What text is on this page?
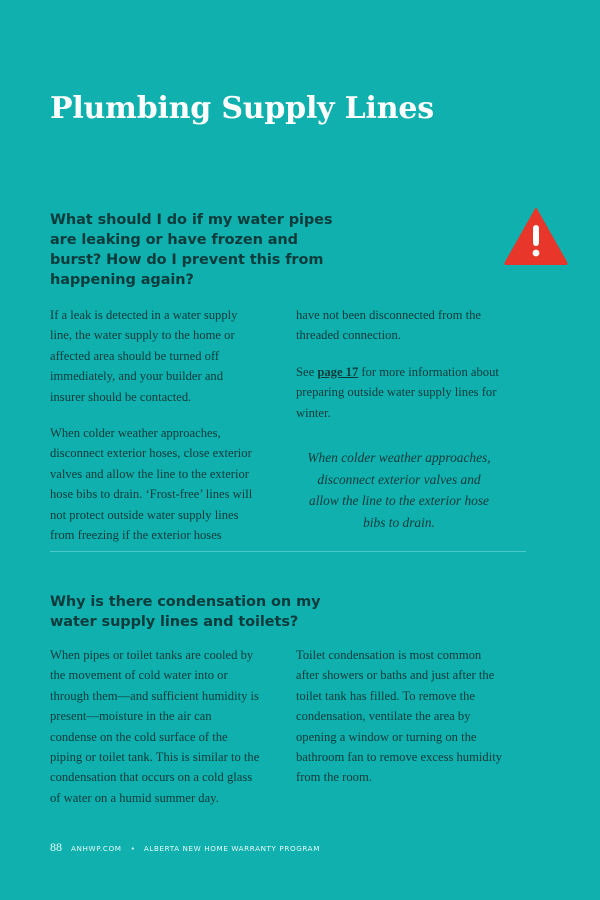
Plumbing Supply Lines
What should I do if my water pipes are leaking or have frozen and burst? How do I prevent this from happening again?

If a leak is detected in a water supply line, the water supply to the home or affected area should be turned off immediately, and your builder and insurer should be contacted.

When colder weather approaches, disconnect exterior hoses, close exterior valves and allow the line to the exterior hose bibs to drain. ‘Frost-free’ lines will not protect outside water supply lines from freezing if the exterior hoses

have not been disconnected from the threaded connection.

See page 17 for more information about preparing outside water supply lines for winter.

When colder weather approaches, disconnect exterior valves and allow the line to the exterior hose bibs to drain.

Why is there condensation on my water supply lines and toilets?

When pipes or toilet tanks are cooled by the movement of cold water into or through them—and sufficient humidity is present—moisture in the air can condense on the cold surface of the piping or toilet tank. This is similar to the condensation that occurs on a cold glass of water on a humid summer day.

Toilet condensation is most common after showers or baths and just after the toilet tank has filled. To remove the condensation, ventilate the area by opening a window or turning on the bathroom fan to remove excess humidity from the room.

88 ANHWP.COM • ALBERTA NEW HOME WARRANTY PROGRAM
